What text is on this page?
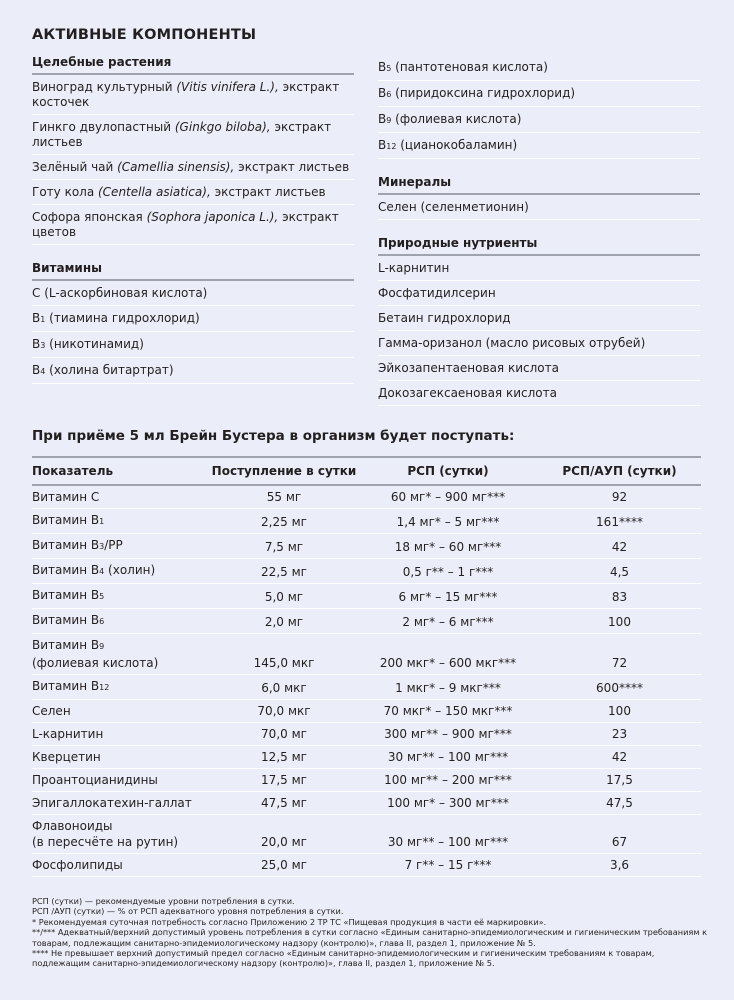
АКТИВНЫЕ КОМПОНЕНТЫ
Целебные растения
Виноград культурный (Vitis vinifera L.), экстракт косточек
Гинкго двулопастный (Ginkgo biloba), экстракт листьев
Зелёный чай (Camellia sinensis), экстракт листьев
Готу кола (Centella asiatica), экстракт листьев
Софора японская (Sophora japonica L.), экстракт цветов
Витамины
С (L-аскорбиновая кислота)
В1 (тиамина гидрохлорид)
В3 (никотинамид)
В4 (холина битартрат)
В5 (пантотеновая кислота)
В6 (пиридоксина гидрохлорид)
В9 (фолиевая кислота)
В12 (цианокобаламин)
Минералы
Селен (селенметионин)
Природные нутриенты
L-карнитин
Фосфатидилсерин
Бетаин гидрохлорид
Гамма-оризанол (масло рисовых отрубей)
Эйкозапентаеновая кислота
Докозагексаеновая кислота
При приёме 5 мл Брейн Бустера в организм будет поступать:
Показатель	Поступление в сутки	РСП (сутки)	РСП/АУП (сутки)
Витамин С	55 мг	60 мг* – 900 мг***	92
Витамин В1	2,25 мг	1,4 мг* – 5 мг***	161****
Витамин В3/РР	7,5 мг	18 мг* – 60 мг***	42
Витамин В4 (холин)	22,5 мг	0,5 г** – 1 г***	4,5
Витамин В5	5,0 мг	6 мг* – 15 мг***	83
Витамин В6	2,0 мг	2 мг* – 6 мг***	100
Витамин В9
(фолиевая кислота)	145,0 мкг	200 мкг* – 600 мкг***	72
Витамин В12	6,0 мкг	1 мкг* – 9 мкг***	600****
Селен	70,0 мкг	70 мкг* – 150 мкг***	100
L-карнитин	70,0 мг	300 мг** – 900 мг***	23
Кверцетин	12,5 мг	30 мг** – 100 мг***	42
Проантоцианидины	17,5 мг	100 мг** – 200 мг***	17,5
Эпигаллокатехин-галлат	47,5 мг	100 мг* – 300 мг***	47,5
Флавоноиды
(в пересчёте на рутин)	20,0 мг	30 мг** – 100 мг***	67
Фосфолипиды	25,0 мг	7 г** – 15 г***	3,6
РСП (сутки) — рекомендуемые уровни потребления в сутки.
РСП /АУП (сутки) — % от РСП адекватного уровня потребления в сутки.
* Рекомендуемая суточная потребность согласно Приложению 2 ТР ТС «Пищевая продукция в части её маркировки».
**/*** Адекватный/верхний допустимый уровень потребления в сутки согласно «Единым санитарно-эпидемиологическим и гигиеническим требованиям к товарам, подлежащим санитарно-эпидемиологическому надзору (контролю)», глава II, раздел 1, приложение № 5.
**** Не превышает верхний допустимый предел согласно «Единым санитарно-эпидемиологическим и гигиеническим требованиям к товарам, подлежащим санитарно-эпидемиологическому надзору (контролю)», глава II, раздел 1, приложение № 5.
